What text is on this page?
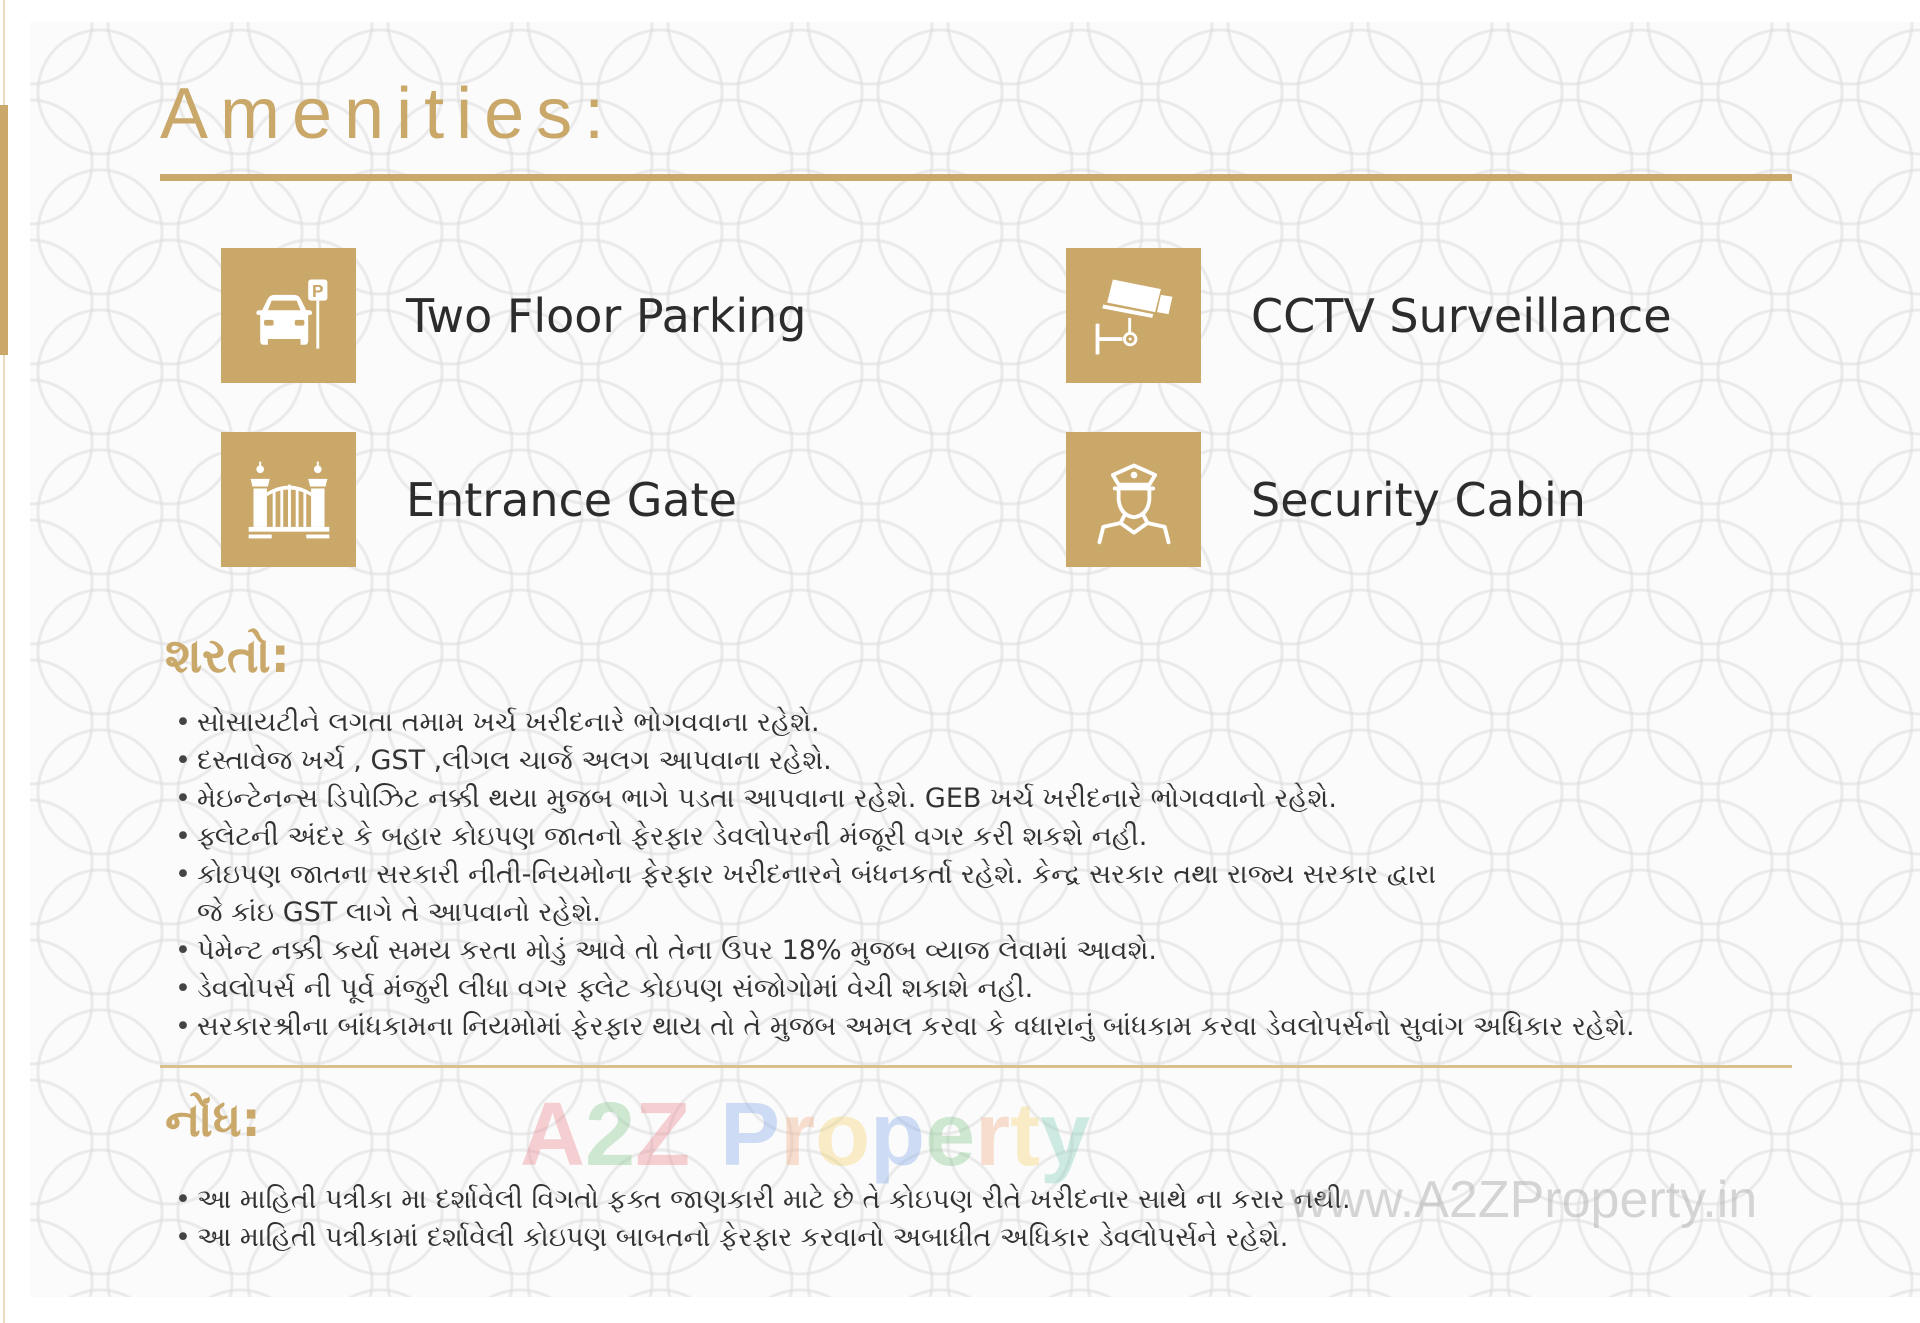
Amenities:
P Two Floor Parking
Entrance Gate
CCTV Surveillance
Security Cabin
શરતો:
• સોસાયટીને લગતા તમામ ખર્ચ ખરીદનારે ભોગવવાના રહેશે.
• દસ્તાવેજ ખર્ચ , GST ,લીગલ ચાર્જ અલગ આપવાના રહેશે.
• મેઇન્ટેનન્સ ડિપોઝિટ નક્કી થયા મુજબ ભાગે પડતા આપવાના રહેશે. GEB ખર્ચ ખરીદનારે ભોગવવાનો રહેશે.
• ફ્લેટની અંદર કે બહાર કોઇપણ જાતનો ફેરફાર ડેવલોપરની મંજૂરી વગર કરી શકશે નહી.
• કોઇપણ જાતના સરકારી નીતી-નિયમોના ફેરફાર ખરીદનારને બંધનકર્તા રહેશે. કેન્દ્ર સરકાર તથા રાજ્ય સરકાર દ્વારા
જે કાંઇ GST લાગે તે આપવાનો રહેશે.
• પેમેન્ટ નક્કી કર્યા સમય કરતા મોડું આવે તો તેના ઉપર 18% મુજબ વ્યાજ લેવામાં આવશે.
• ડેવલોપર્સ ની પૂર્વ મંજુરી લીધા વગર ફ્લેટ કોઇપણ સંજોગોમાં વેચી શકાશે નહી.
• સરકારશ્રીના બાંધકામના નિયમોમાં ફેરફાર થાય તો તે મુજબ અમલ કરવા કે વધારાનું બાંધકામ કરવા ડેવલોપર્સનો સુવાંગ અધિકાર રહેશે.
નોંધ:
• આ માહિતી પત્રીકા મા દર્શાવેલી વિગતો ફક્ત જાણકારી માટે છે તે કોઇપણ રીતે ખરીદનાર સાથે ના કરાર નથી.
• આ માહિતી પત્રીકામાં દર્શાવેલી કોઇપણ બાબતનો ફેરફાર કરવાનો અબાધીત અધિકાર ડેવલોપર્સને રહેશે.
A2Z Property
www.A2ZProperty.in
